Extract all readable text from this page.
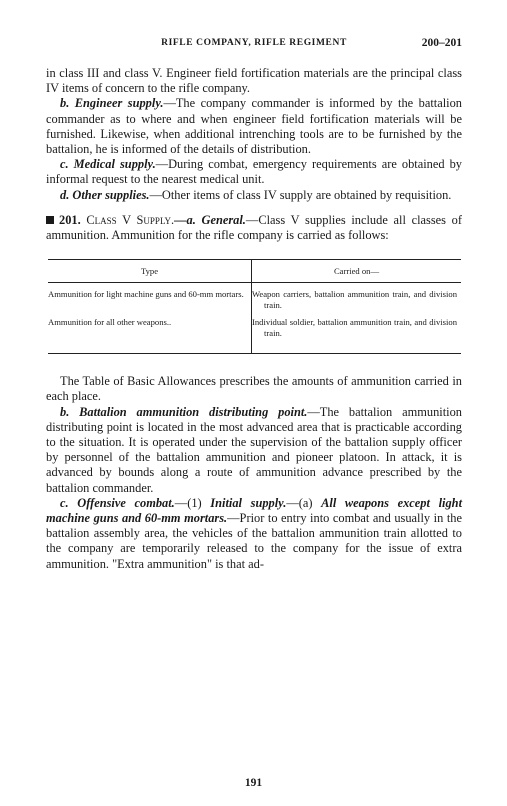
RIFLE COMPANY, RIFLE REGIMENT	200–201

in class III and class V. Engineer field fortification materials are the principal class IV items of concern to the rifle company.

b. Engineer supply.—The company commander is informed by the battalion commander as to where and when engineer field fortification materials will be furnished. Likewise, when additional intrenching tools are to be furnished by the battalion, he is informed of the details of distribution.

c. Medical supply.—During combat, emergency requirements are obtained by informal request to the nearest medical unit.

d. Other supplies.—Other items of class IV supply are obtained by requisition.

201. Class V Supply.—a. General.—Class V supplies include all classes of ammunition. Ammunition for the rifle company is carried as follows:

Type	Carried on—
Ammunition for light machine guns and 60-mm mortars.	Weapon carriers, battalion ammunition train, and division train.
Ammunition for all other weapons..	Individual soldier, battalion ammunition train, and division train.

The Table of Basic Allowances prescribes the amounts of ammunition carried in each place.

b. Battalion ammunition distributing point.—The battalion ammunition distributing point is located in the most advanced area that is practicable according to the situation. It is operated under the supervision of the battalion supply officer by personnel of the battalion ammunition and pioneer platoon. In attack, it is advanced by bounds along a route of ammunition advance prescribed by the battalion commander.

c. Offensive combat.—(1) Initial supply.—(a) All weapons except light machine guns and 60-mm mortars.—Prior to entry into combat and usually in the battalion assembly area, the vehicles of the battalion ammunition train allotted to the company are temporarily released to the company for the issue of extra ammunition. "Extra ammunition" is that ad-

191
